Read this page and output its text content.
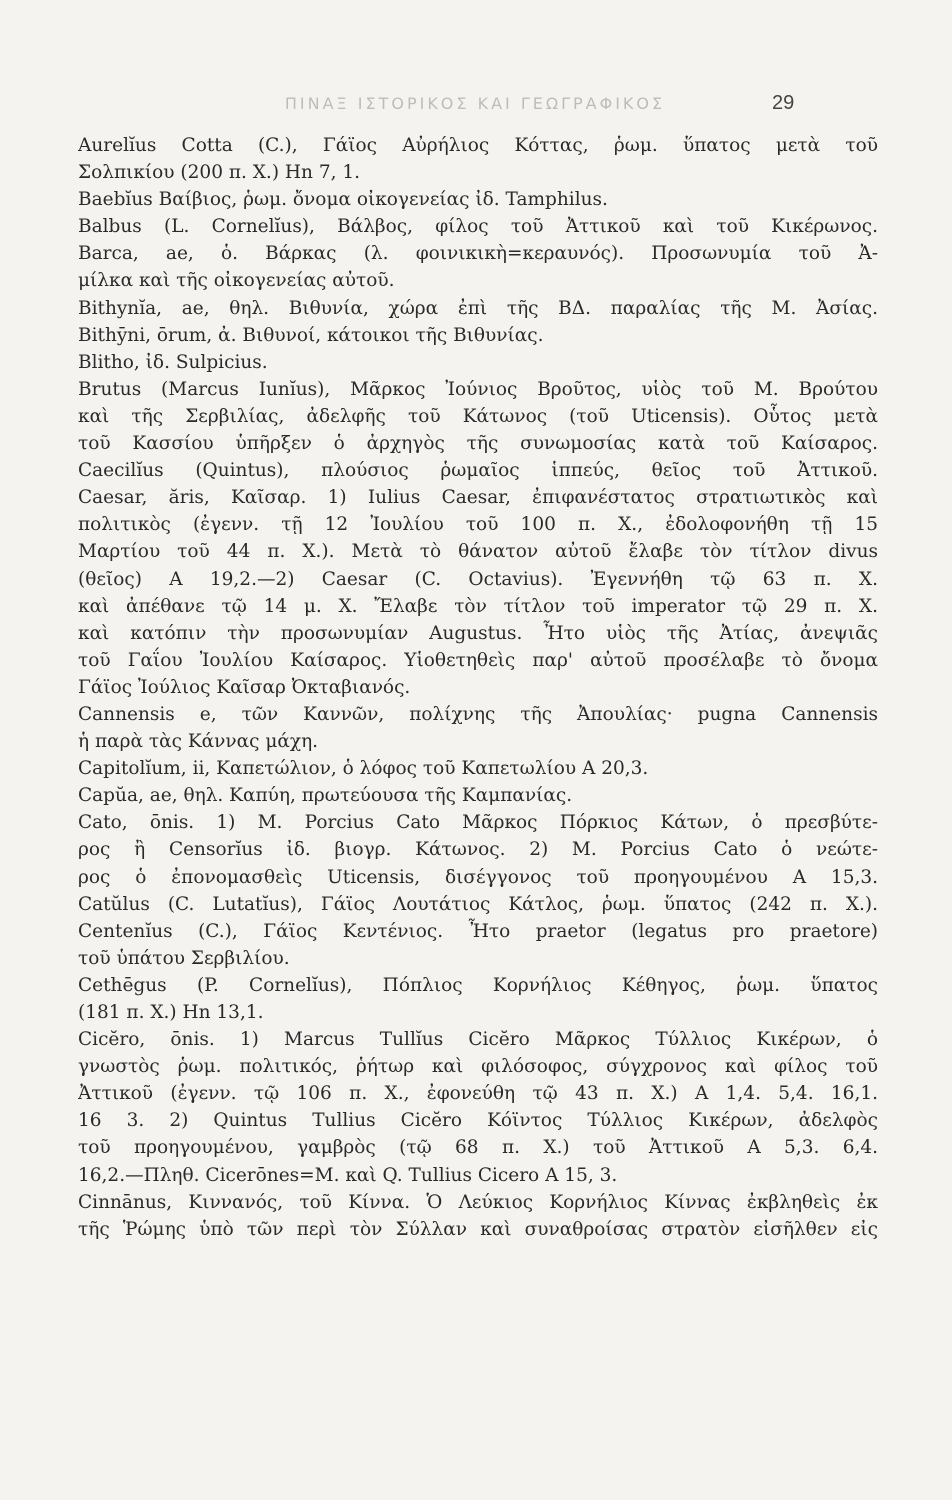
ΠΙΝΑΞ ΙΣΤΟΡΙΚΟΣ ΚΑΙ ΓΕΩΓΡΑΦΙΚΟΣ	29
Aurelĭus Cotta (C.), Γάϊος Αὐρήλιος Κόττας, ῥωμ. ὕπατος μετὰ τοῦ
Σολπικίου (200 π. Χ.) Ηn 7, 1.
Baebĭus Βαίβιος, ῥωμ. ὄνομα οἰκογενείας ἰδ. Tamphilus.
Balbus (L. Cornelĭus), Βάλβος, φίλος τοῦ Ἀττικοῦ καὶ τοῦ Κικέρωνος.
Barca, ae, ὁ. Βάρκας (λ. φοινικικὴ=κεραυνός). Προσωνυμία τοῦ Ἀ-
μίλκα καὶ τῆς οἰκογενείας αὐτοῦ.
Bithynĭa, ae, θηλ. Βιθυνία, χώρα ἐπὶ τῆς ΒΔ. παραλίας τῆς Μ. Ἀσίας.
Bithȳni, ōrum, ἀ. Βιθυνοί, κάτοικοι τῆς Βιθυνίας.
Blitho, ἰδ. Sulpicius.
Brutus (Marcus Iunĭus), Μᾶρκος Ἰούνιος Βροῦτος, υἱὸς τοῦ Μ. Βρούτου
καὶ τῆς Σερβιλίας, ἀδελφῆς τοῦ Κάτωνος (τοῦ Uticensis). Οὗτος μετὰ
τοῦ Κασσίου ὑπῆρξεν ὁ ἀρχηγὸς τῆς συνωμοσίας κατὰ τοῦ Καίσαρος.
Caecilĭus (Quintus), πλούσιος ῥωμαῖος ἱππεύς, θεῖος τοῦ Ἀττικοῦ.
Caesar, ăris, Καῖσαρ. 1) Iulius Caesar, ἐπιφανέστατος στρατιωτικὸς καὶ
πολιτικὸς (ἐγενν. τῇ 12 Ἰουλίου τοῦ 100 π. Χ., ἐδολοφονήθη τῇ 15
Μαρτίου τοῦ 44 π. Χ.). Μετὰ τὸ θάνατον αὐτοῦ ἔλαβε τὸν τίτλον divus
(θεῖος) A 19,2.—2) Caesar (C. Octavius). Ἐγεννήθη τῷ 63 π. Χ.
καὶ ἀπέθανε τῷ 14 μ. Χ. Ἔλαβε τὸν τίτλον τοῦ imperator τῷ 29 π. Χ.
καὶ κατόπιν τὴν προσωνυμίαν Augustus. Ἦτο υἱὸς τῆς Ἀτίας, ἀνεψιᾶς
τοῦ Γαΐου Ἰουλίου Καίσαρος. Υἱοθετηθεὶς παρ' αὐτοῦ προσέλαβε τὸ ὄνομα
Γάϊος Ἰούλιος Καῖσαρ Ὀκταβιανός.
Cannensis e, τῶν Καννῶν, πολίχνης τῆς Ἀπουλίας· pugna Cannensis
ἡ παρὰ τὰς Κάννας μάχη.
Capitolĭum, ii, Καπετώλιον, ὁ λόφος τοῦ Καπετωλίου A 20,3.
Capŭa, ae, θηλ. Καπύη, πρωτεύουσα τῆς Καμπανίας.
Cato, ōnis. 1) M. Porcius Cato Μᾶρκος Πόρκιος Κάτων, ὁ πρεσβύτε-
ρος ἢ Censorĭus ἰδ. βιογρ. Κάτωνος. 2) M. Porcius Cato ὁ νεώτε-
ρος ὁ ἐπονομασθεὶς Uticensis, δισέγγονος τοῦ προηγουμένου A 15,3.
Catŭlus (C. Lutatĭus), Γάϊος Λουτάτιος Κάτλος, ῥωμ. ὕπατος (242 π. Χ.).
Centenĭus (C.), Γάϊος Κεντένιος. Ἦτο praetor (legatus pro praetore)
τοῦ ὑπάτου Σερβιλίου.
Cethēgus (P. Cornelĭus), Πόπλιος Κορνήλιος Κέθηγος, ῥωμ. ὕπατος
(181 π. Χ.) Hn 13,1.
Cicĕro, ōnis. 1) Marcus Tullĭus Cicĕro Μᾶρκος Τύλλιος Κικέρων, ὁ
γνωστὸς ῥωμ. πολιτικός, ῥήτωρ καὶ φιλόσοφος, σύγχρονος καὶ φίλος τοῦ
Ἀττικοῦ (ἐγενν. τῷ 106 π. Χ., ἐφονεύθη τῷ 43 π. Χ.) A 1,4. 5,4. 16,1.
16 3. 2) Quintus Tullius Cicĕro Κόϊντος Τύλλιος Κικέρων, ἀδελφὸς
τοῦ προηγουμένου, γαμβρὸς (τῷ 68 π. Χ.) τοῦ Ἀττικοῦ A 5,3. 6,4.
16,2.—Πληθ. Cicerōnes=M. καὶ Q. Tullius Cicero A 15, 3.
Cinnānus, Κιννανός, τοῦ Κίννα. Ὁ Λεύκιος Κορνήλιος Κίννας ἐκβληθεὶς ἐκ
τῆς Ῥώμης ὑπὸ τῶν περὶ τὸν Σύλλαν καὶ συναθροίσας στρατὸν εἰσῆλθεν εἰς
